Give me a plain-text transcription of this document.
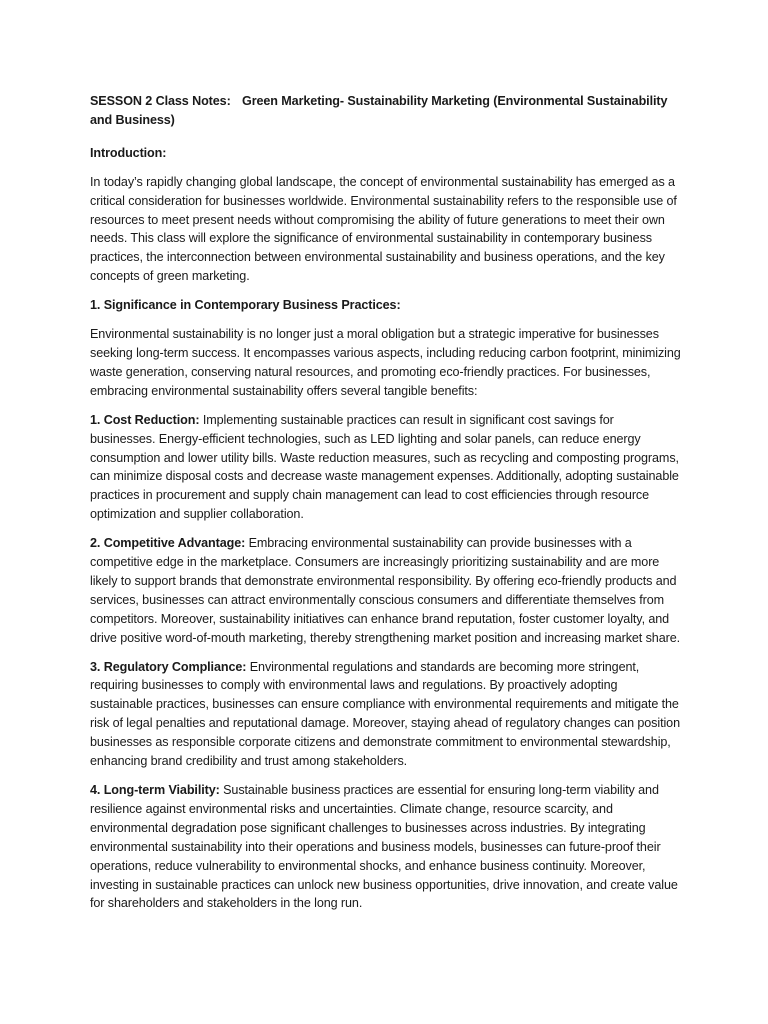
SESSON 2 Class Notes: Green Marketing- Sustainability Marketing (Environmental Sustainability
and Business)
Introduction:

In today’s rapidly changing global landscape, the concept of environmental sustainability has emerged as a critical consideration for businesses worldwide. Environmental sustainability refers to the responsible use of resources to meet present needs without compromising the ability of future generations to meet their own needs. This class will explore the significance of environmental sustainability in contemporary business practices, the interconnection between environmental sustainability and business operations, and the key concepts of green marketing.

1. Significance in Contemporary Business Practices:

Environmental sustainability is no longer just a moral obligation but a strategic imperative for businesses seeking long-term success. It encompasses various aspects, including reducing carbon footprint, minimizing waste generation, conserving natural resources, and promoting eco-friendly practices. For businesses, embracing environmental sustainability offers several tangible benefits:

1. Cost Reduction: Implementing sustainable practices can result in significant cost savings for businesses. Energy-efficient technologies, such as LED lighting and solar panels, can reduce energy consumption and lower utility bills. Waste reduction measures, such as recycling and composting programs, can minimize disposal costs and decrease waste management expenses. Additionally, adopting sustainable practices in procurement and supply chain management can lead to cost efficiencies through resource optimization and supplier collaboration.

2. Competitive Advantage: Embracing environmental sustainability can provide businesses with a competitive edge in the marketplace. Consumers are increasingly prioritizing sustainability and are more likely to support brands that demonstrate environmental responsibility. By offering eco-friendly products and services, businesses can attract environmentally conscious consumers and differentiate themselves from competitors. Moreover, sustainability initiatives can enhance brand reputation, foster customer loyalty, and drive positive word-of-mouth marketing, thereby strengthening market position and increasing market share.

3. Regulatory Compliance: Environmental regulations and standards are becoming more stringent, requiring businesses to comply with environmental laws and regulations. By proactively adopting sustainable practices, businesses can ensure compliance with environmental requirements and mitigate the risk of legal penalties and reputational damage. Moreover, staying ahead of regulatory changes can position businesses as responsible corporate citizens and demonstrate commitment to environmental stewardship, enhancing brand credibility and trust among stakeholders.

4. Long-term Viability: Sustainable business practices are essential for ensuring long-term viability and resilience against environmental risks and uncertainties. Climate change, resource scarcity, and environmental degradation pose significant challenges to businesses across industries. By integrating environmental sustainability into their operations and business models, businesses can future-proof their operations, reduce vulnerability to environmental shocks, and enhance business continuity. Moreover, investing in sustainable practices can unlock new business opportunities, drive innovation, and create value for shareholders and stakeholders in the long run.
